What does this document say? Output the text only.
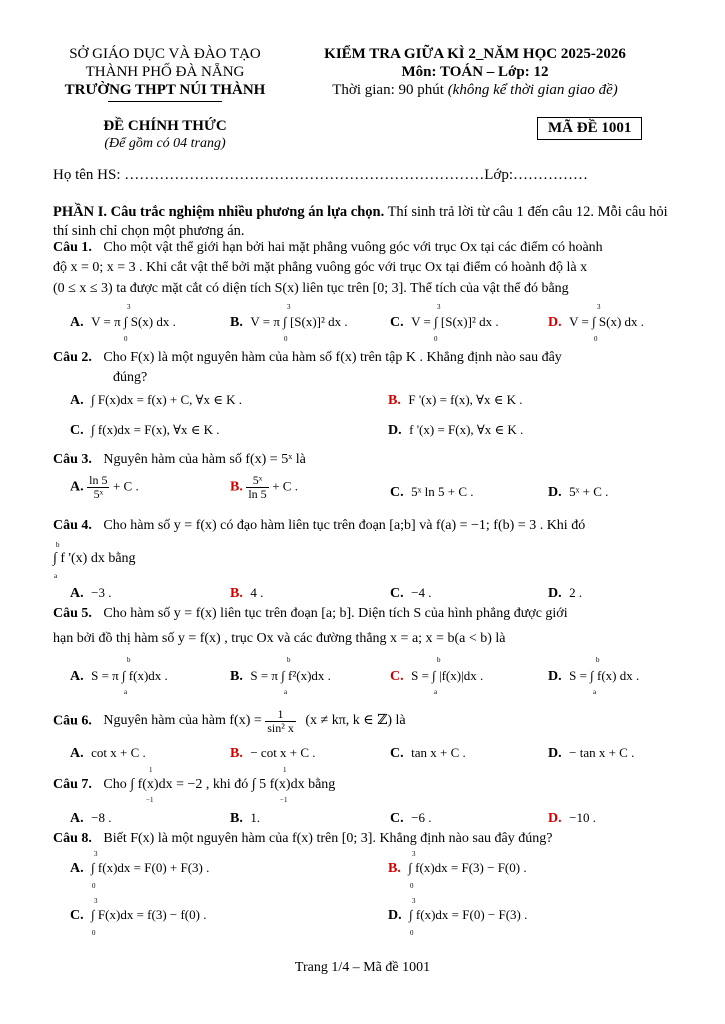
SỞ GIÁO DỤC VÀ ĐÀO TẠO
THÀNH PHỐ ĐÀ NẴNG
TRƯỜNG THPT NÚI THÀNH
KIỂM TRA GIỮA KÌ 2_NĂM HỌC 2025-2026
Môn: TOÁN – Lớp: 12
Thời gian: 90 phút (không kể thời gian giao đề)
ĐỀ CHÍNH THỨC
(Để gồm có 04 trang)
MÃ ĐỀ 1001
Họ tên HS: ………………………………………………………………Lớp:……………
PHẦN I. Câu trắc nghiệm nhiều phương án lựa chọn. Thí sinh trả lời từ câu 1 đến câu 12. Mỗi câu hỏi thí sinh chỉ chọn một phương án.
Câu 1. Cho một vật thể giới hạn bởi hai mặt phẳng vuông góc với trục Ox tại các điểm có hoành
độ x = 0; x = 3 . Khi cắt vật thể bởi mặt phẳng vuông góc với trục Ox tại điểm có hoành độ là x
(0 ≤ x ≤ 3) ta được mặt cắt có diện tích S(x) liên tục trên [0; 3]. Thể tích của vật thể đó bằng
A. V = π ∫ S(x) dx .	B. V = π ∫ [S(x)]² dx .	C. V = ∫ [S(x)]² dx .	D. V = ∫ S(x) dx .
3
0
3
0
3
0
3
0
Câu 2. Cho F(x) là một nguyên hàm của hàm số f(x) trên tập K . Khẳng định nào sau đây
đúng?
A. ∫ F(x)dx = f(x) + C, ∀x ∈ K .	B. F '(x) = f(x), ∀x ∈ K .
C. ∫ f(x)dx = F(x), ∀x ∈ K .	D. f '(x) = F(x), ∀x ∈ K .
Câu 3. Nguyên hàm của hàm số f(x) = 5ˣ là
A. $\frac{\ln 5}{\text{5ˣ}} + C$ .	B. $\frac{\text{5ˣ}}{\ln 5} + C$ .	C. 5ˣ ln 5 + C .	D. 5ˣ + C .
Câu 4. Cho hàm số y = f(x) có đạo hàm liên tục trên đoạn [a;b] và f(a) = −1; f(b) = 3 . Khi đó
b
∫ f '(x) dx bằng
a
A. −3 .	B. 4 .	C. −4 .	D. 2 .
Câu 5. Cho hàm số y = f(x) liên tục trên đoạn [a; b]. Diện tích S của hình phẳng được giới
hạn bởi đồ thị hàm số y = f(x) , trục Ox và các đường thẳng x = a; x = b(a < b) là
A. S = π ∫ f(x)dx .	B. S = π ∫ f²(x)dx .	C. S = ∫ |f(x)|dx .	D. S = ∫ f(x) dx .
b
a
b
a
b
a
b
a
Câu 6. Nguyên hàm của hàm $f(x) = \frac{1}{\text{sin² x}} (x \ne k\pi$, k ∈ ℤ) là
A. cot x + C .	B. − cot x + C .	C. tan x + C .	D. − tan x + C .
Câu 7. Cho ∫ f(x)dx = −2 , khi đó ∫ 5 f(x)dx bằng
1
−1
1
−1
A. −8 .	B. 1.	C. −6 .	D. −10 .
Câu 8. Biết F(x) là một nguyên hàm của f(x) trên [0; 3]. Khẳng định nào sau đây đúng?
A. ∫ f(x)dx = F(0) + F(3) .	B. ∫ f(x)dx = F(3) − F(0) .
C. ∫ F(x)dx = f(3) − f(0) .	D. ∫ f(x)dx = F(0) − F(3) .
3
0
3
0
3
0
3
0
Trang 1/4 – Mã đề 1001
